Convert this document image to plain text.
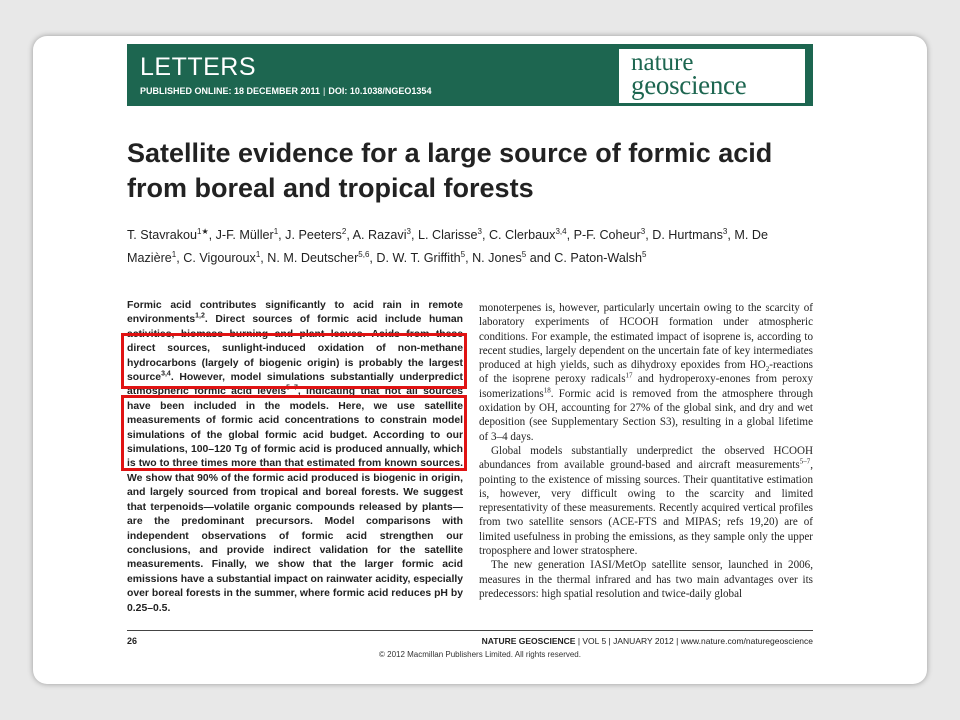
LETTERS
PUBLISHED ONLINE: 18 DECEMBER 2011 | DOI: 10.1038/NGEO1354
nature
geoscience
Satellite evidence for a large source of formic acid from boreal and tropical forests
T. Stavrakou$^{1★}$, J-F. Müller$^1$, J. Peeters$^2$, A. Razavi$^3$, L. Clarisse$^3$, C. Clerbaux$^{3,4}$, P-F. Coheur$^3$, D. Hurtmans$^3$, M. De Mazière$^1$, C. Vigouroux$^1$, N. M. Deutscher$^{5,6}$, D. W. T. Griffith$^5$, N. Jones$^5$ and C. Paton-Walsh$^5$
Formic acid contributes significantly to acid rain in remote environments$^{1,2}$. Direct sources of formic acid include human activities, biomass burning and plant leaves. Acids from these direct sources, sunlight-induced oxidation of non-methane hydrocarbons (largely of biogenic origin) is probably the largest source$^{3,4}$. However, model simulations substantially underpredict atmospheric formic acid levels$^{5-7}$, indicating that not all sources have been included in the models. Here, we use satellite measurements of formic acid concentrations to constrain model simulations of the global formic acid budget. According to our simulations, 100–120 Tg of formic acid is produced annually, which is two to three times more than that estimated from known sources. We show that 90% of the formic acid produced is biogenic in origin, and largely sourced from tropical and boreal forests. We suggest that terpenoids—volatile organic compounds released by plants—are the predominant precursors. Model comparisons with independent observations of formic acid strengthen our conclusions, and provide indirect validation for the satellite measurements. Finally, we show that the larger formic acid emissions have a substantial impact on rainwater acidity, especially over boreal forests in the summer, where formic acid reduces pH by 0.25–0.5.

monoterpenes is, however, particularly uncertain owing to the scarcity of laboratory experiments of HCOOH formation under atmospheric conditions. For example, the estimated impact of isoprene is, according to recent studies, largely dependent on the uncertain fate of key intermediates produced at high yields, such as dihydroxy epoxides from $HO_2$-reactions of the isoprene peroxy radicals$^{17}$ and hydroperoxy-enones from peroxy isomerizations$^{18}$. Formic acid is removed from the atmosphere through oxidation by OH, accounting for 27% of the global sink, and dry and wet deposition (see Supplementary Section S3), resulting in a global lifetime of 3–4 days.

Global models substantially underpredict the observed HCOOH abundances from available ground-based and aircraft measurements$^{5-7}$, pointing to the existence of missing sources. Their quantitative estimation is, however, very difficult owing to the scarcity and limited representativity of these measurements. Recently acquired vertical profiles from two satellite sensors (ACE-FTS and MIPAS; refs 19,20) are of limited usefulness in probing the emissions, as they sample only the upper troposphere and lower stratosphere.

The new generation IASI/MetOp satellite sensor, launched in 2006, measures in the thermal infrared and has two main advantages over its predecessors: high spatial resolution and twice-daily global

26	NATURE GEOSCIENCE | VOL 5 | JANUARY 2012 | www.nature.com/naturegeoscience
© 2012 Macmillan Publishers Limited. All rights reserved.
